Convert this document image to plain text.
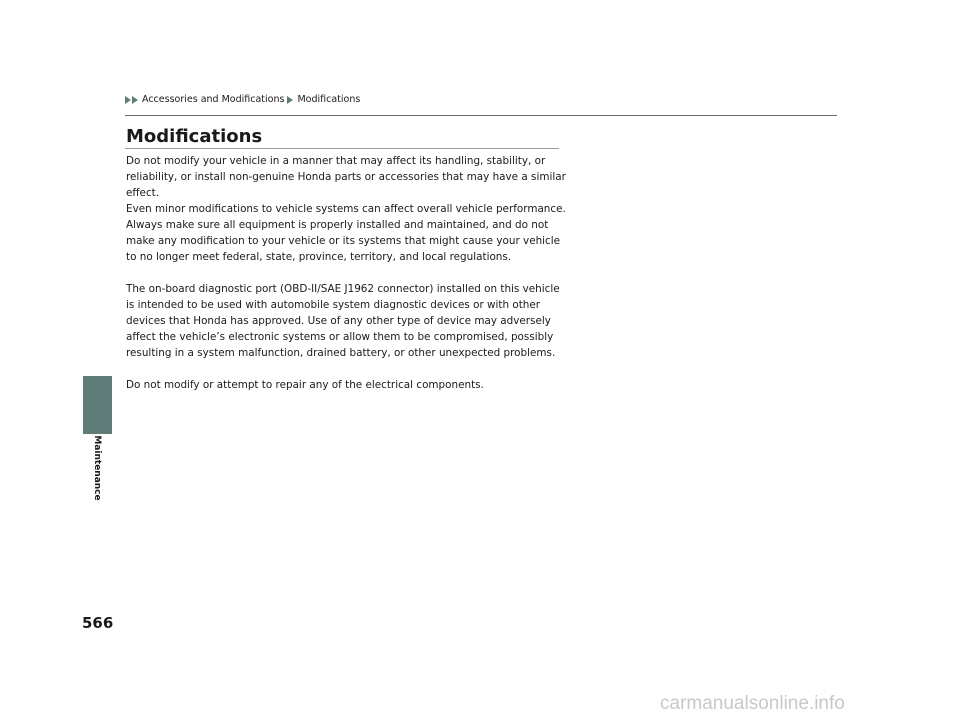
Accessories and Modifications Modifications
Maintenance
Modifications

Do not modify your vehicle in a manner that may affect its handling, stability, or

reliability, or install non-genuine Honda parts or accessories that may have a similar

effect.

Even minor modifications to vehicle systems can affect overall vehicle performance.

Always make sure all equipment is properly installed and maintained, and do not

make any modification to your vehicle or its systems that might cause your vehicle

to no longer meet federal, state, province, territory, and local regulations.

The on-board diagnostic port (OBD-II/SAE J1962 connector) installed on this vehicle

is intended to be used with automobile system diagnostic devices or with other

devices that Honda has approved. Use of any other type of device may adversely

affect the vehicle’s electronic systems or allow them to be compromised, possibly

resulting in a system malfunction, drained battery, or other unexpected problems.

Do not modify or attempt to repair any of the electrical components.

566
carmanualsonline.info
